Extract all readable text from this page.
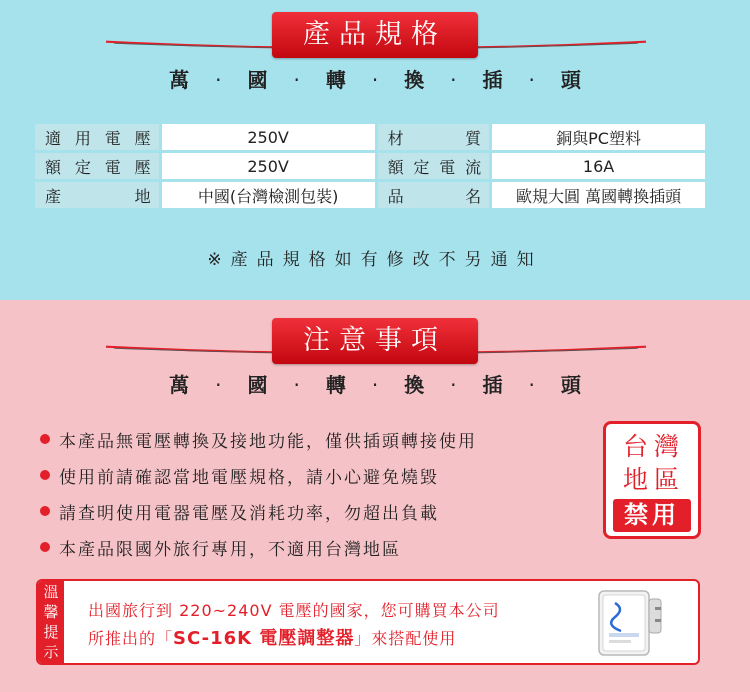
產品規格
萬 · 國 · 轉 · 換 · 插 · 頭
適用電壓	250V	材　質	銅與PC塑料
額定電壓	250V	額定電流	16A
產　地	中國(台灣檢測包裝)	品　名	歐規大圓 萬國轉換插頭
※產品規格如有修改不另通知
注意事項
萬 · 國 · 轉 · 換 · 插 · 頭
本產品無電壓轉換及接地功能，僅供插頭轉接使用
使用前請確認當地電壓規格，請小心避免燒毀
請查明使用電器電壓及消耗功率，勿超出負載
本產品限國外旅行專用，不適用台灣地區
台灣
地區
禁用
溫馨提示
出國旅行到 220~240V 電壓的國家，您可購買本公司
所推出的「SC-16K 電壓調整器」來搭配使用
